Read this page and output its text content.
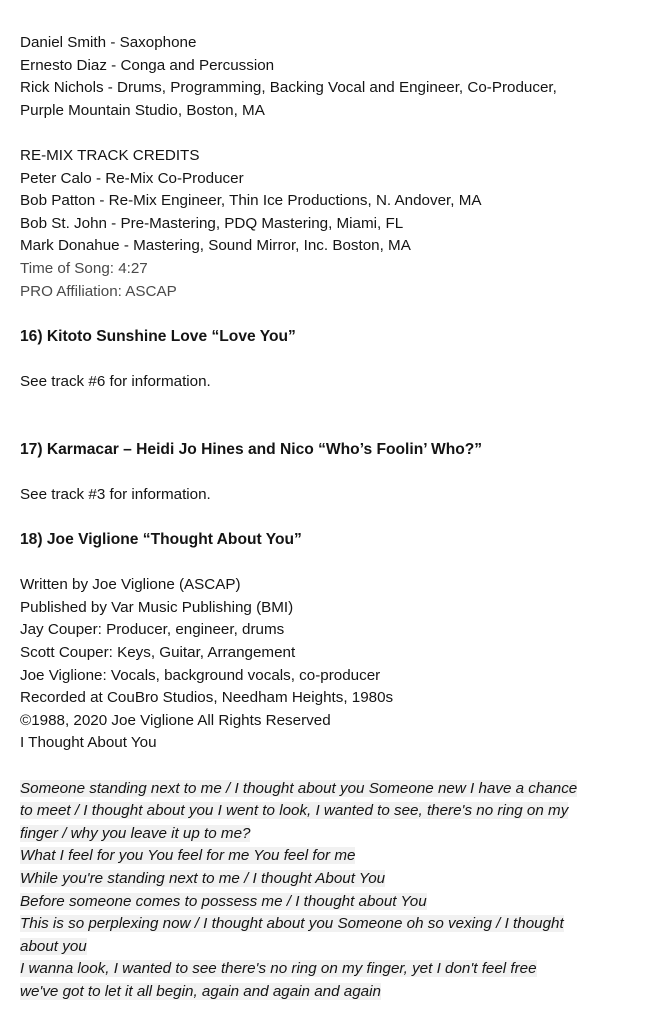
Daniel Smith - Saxophone
Ernesto Diaz - Conga and Percussion
Rick Nichols - Drums, Programming, Backing Vocal and Engineer, Co-Producer,
Purple Mountain Studio, Boston, MA
RE-MIX TRACK CREDITS
Peter Calo - Re-Mix Co-Producer
Bob Patton - Re-Mix Engineer, Thin Ice Productions, N. Andover, MA
Bob St. John - Pre-Mastering, PDQ Mastering, Miami, FL
Mark Donahue - Mastering, Sound Mirror, Inc. Boston, MA
Time of Song: 4:27
PRO Affiliation: ASCAP
16) Kitoto Sunshine Love “Love You”
See track #6 for information.
17) Karmacar – Heidi Jo Hines and Nico “Who’s Foolin’ Who?”
See track #3 for information.
18) Joe Viglione “Thought About You”
Written by Joe Viglione (ASCAP)
Published by Var Music Publishing (BMI)
Jay Couper: Producer, engineer, drums
Scott Couper: Keys, Guitar, Arrangement
Joe Viglione: Vocals, background vocals, co-producer
Recorded at CouBro Studios, Needham Heights, 1980s
©1988, 2020 Joe Viglione All Rights Reserved
I Thought About You
Someone standing next to me / I thought about you Someone new I have a chance
to meet / I thought about you I went to look, I wanted to see, there's no ring on my
finger / why you leave it up to me?
What I feel for you You feel for me You feel for me
While you're standing next to me / I thought About You
Before someone comes to possess me / I thought about You
This is so perplexing now / I thought about you Someone oh so vexing / I thought
about you
I wanna look, I wanted to see there's no ring on my finger, yet I don't feel free
we've got to let it all begin, again and again and again
